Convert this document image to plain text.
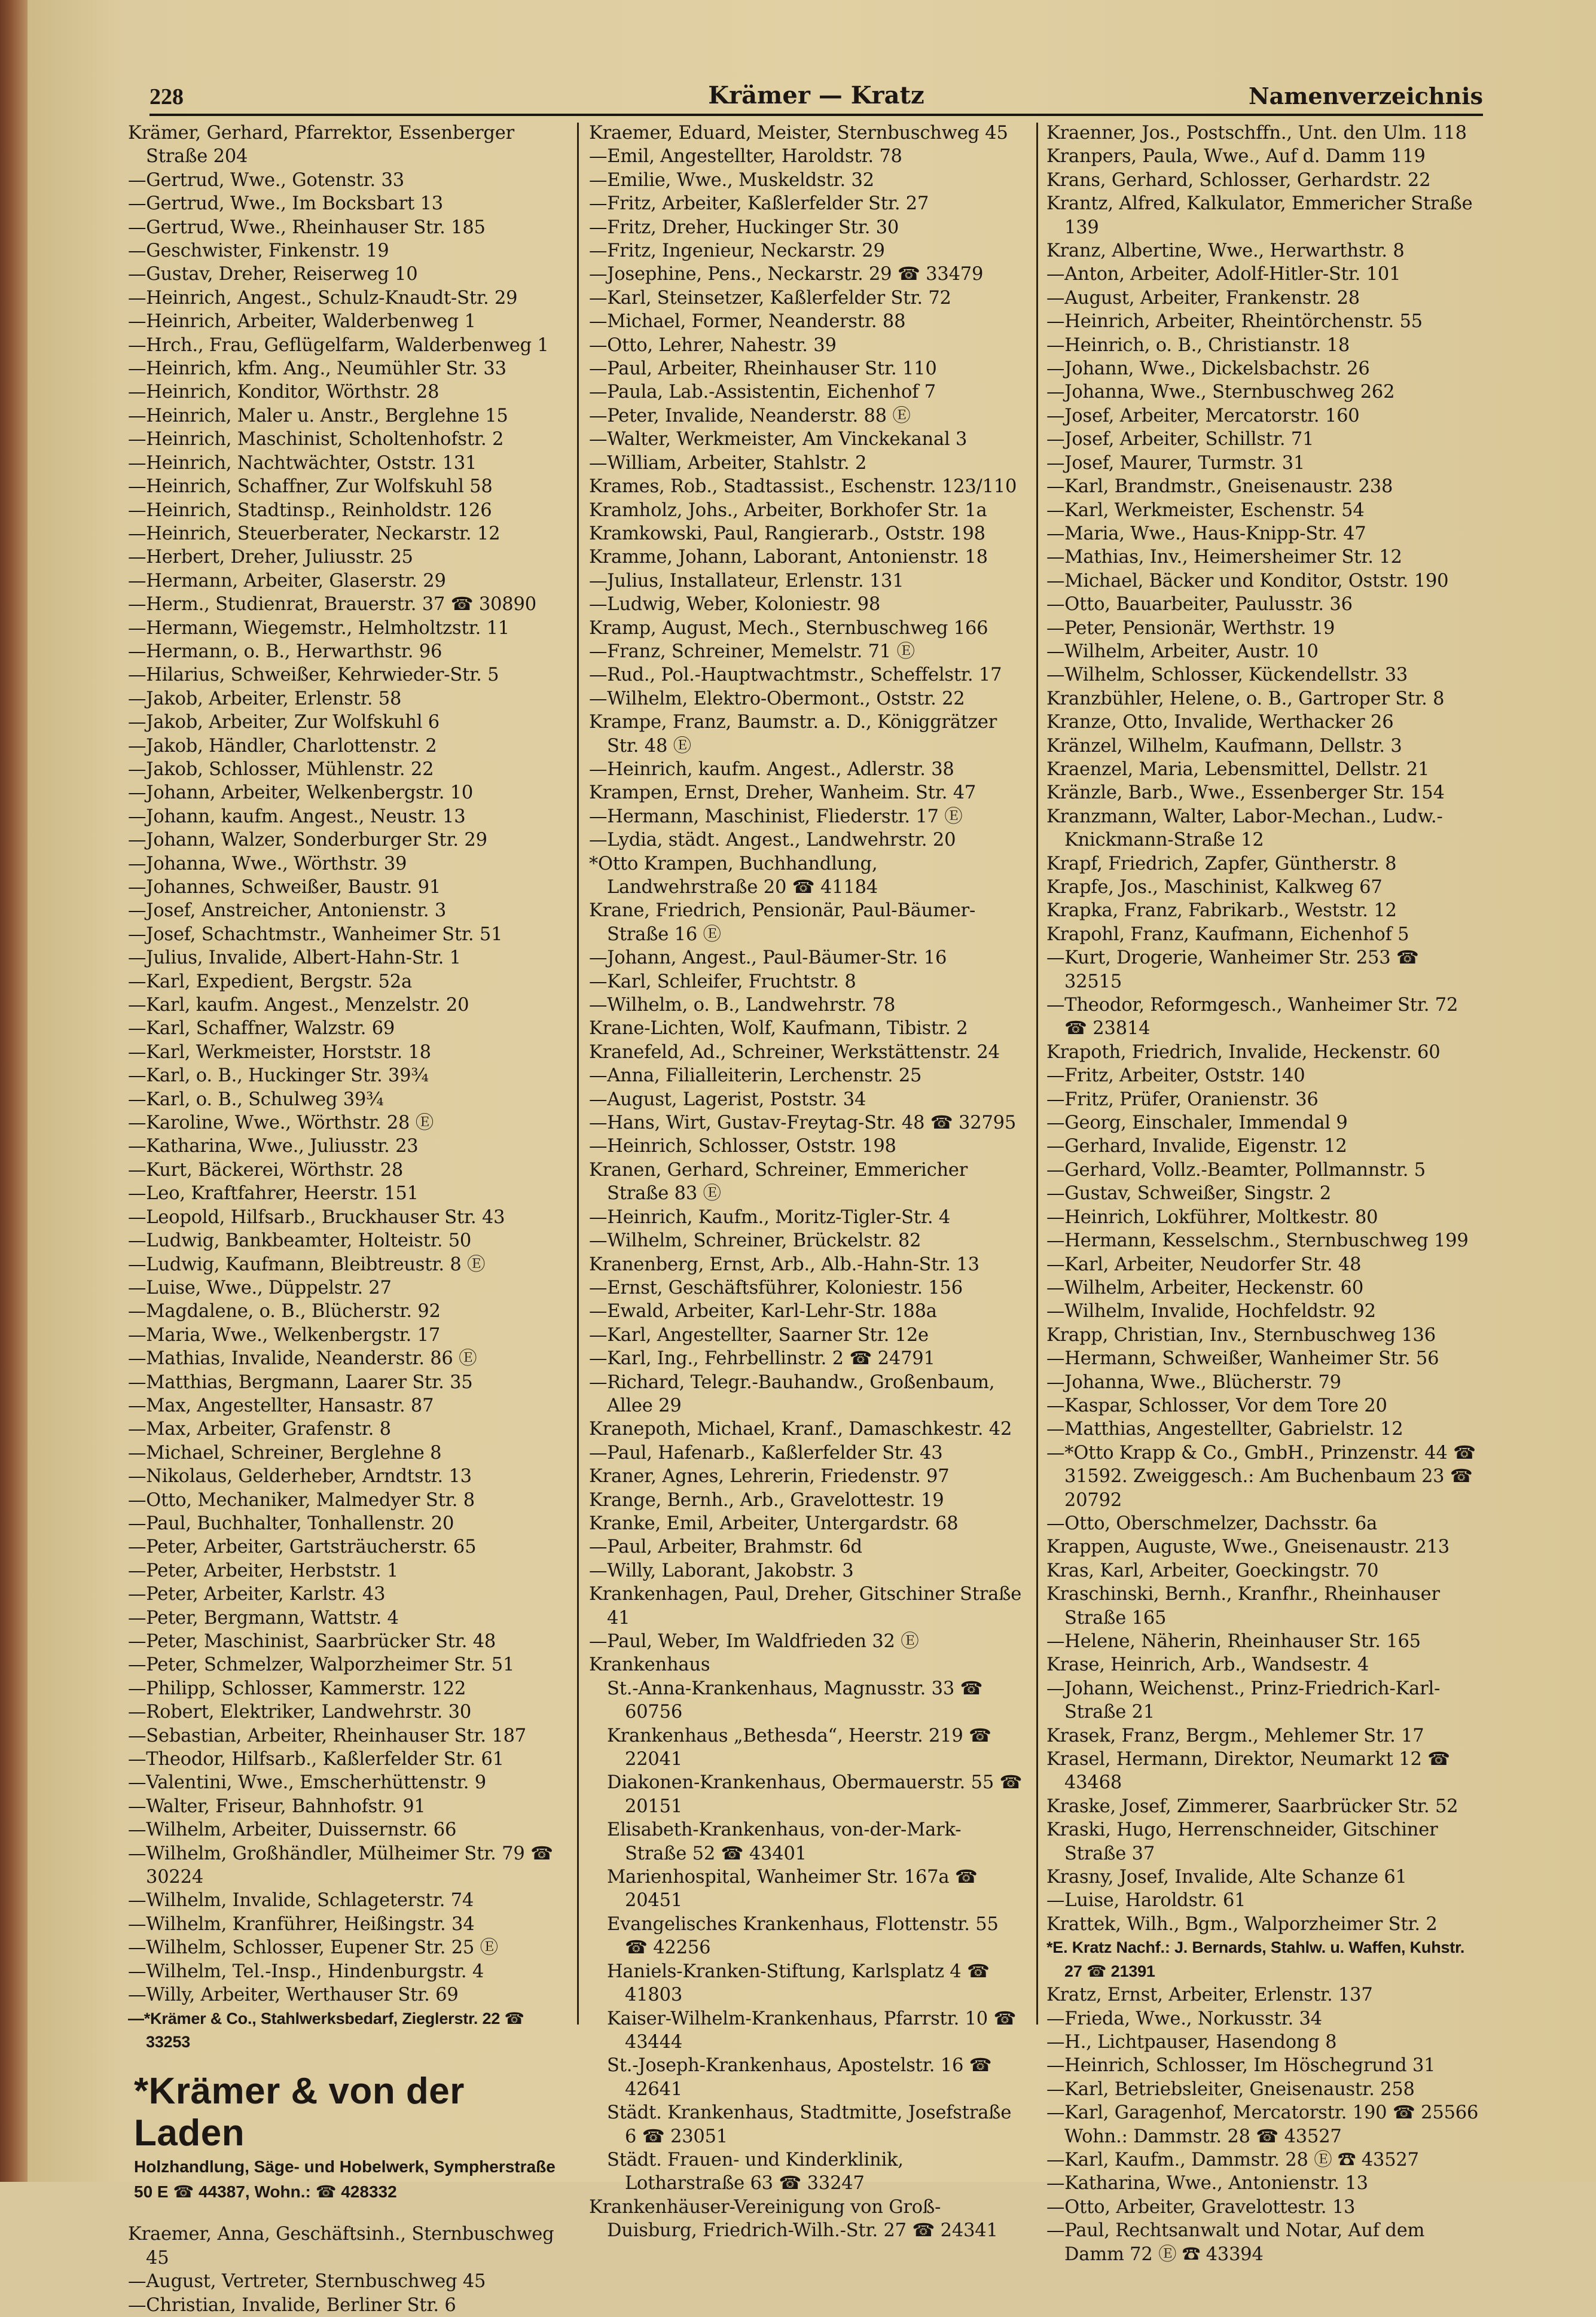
228	Krämer — Kratz	Namenverzeichnis

Krämer, Gerhard, Pfarrektor, Essenberger Straße 204

—Gertrud, Wwe., Gotenstr. 33

—Gertrud, Wwe., Im Bocksbart 13

—Gertrud, Wwe., Rheinhauser Str. 185

—Geschwister, Finkenstr. 19

—Gustav, Dreher, Reiserweg 10

—Heinrich, Angest., Schulz-Knaudt-Str. 29

—Heinrich, Arbeiter, Walderbenweg 1

—Hrch., Frau, Geflügelfarm, Walderbenweg 1

—Heinrich, kfm. Ang., Neumühler Str. 33

—Heinrich, Konditor, Wörthstr. 28

—Heinrich, Maler u. Anstr., Berglehne 15

—Heinrich, Maschinist, Scholtenhofstr. 2

—Heinrich, Nachtwächter, Oststr. 131

—Heinrich, Schaffner, Zur Wolfskuhl 58

—Heinrich, Stadtinsp., Reinholdstr. 126

—Heinrich, Steuerberater, Neckarstr. 12

—Herbert, Dreher, Juliusstr. 25

—Hermann, Arbeiter, Glaserstr. 29

—Herm., Studienrat, Brauerstr. 37 ☎ 30890

—Hermann, Wiegemstr., Helmholtzstr. 11

—Hermann, o. B., Herwarthstr. 96

—Hilarius, Schweißer, Kehrwieder-Str. 5

—Jakob, Arbeiter, Erlenstr. 58

—Jakob, Arbeiter, Zur Wolfskuhl 6

—Jakob, Händler, Charlottenstr. 2

—Jakob, Schlosser, Mühlenstr. 22

—Johann, Arbeiter, Welkenbergstr. 10

—Johann, kaufm. Angest., Neustr. 13

—Johann, Walzer, Sonderburger Str. 29

—Johanna, Wwe., Wörthstr. 39

—Johannes, Schweißer, Baustr. 91

—Josef, Anstreicher, Antonienstr. 3

—Josef, Schachtmstr., Wanheimer Str. 51

—Julius, Invalide, Albert-Hahn-Str. 1

—Karl, Expedient, Bergstr. 52a

—Karl, kaufm. Angest., Menzelstr. 20

—Karl, Schaffner, Walzstr. 69

—Karl, Werkmeister, Horststr. 18

—Karl, o. B., Huckinger Str. 39¾

—Karl, o. B., Schulweg 39¾

—Karoline, Wwe., Wörthstr. 28 Ⓔ

—Katharina, Wwe., Juliusstr. 23

—Kurt, Bäckerei, Wörthstr. 28

—Leo, Kraftfahrer, Heerstr. 151

—Leopold, Hilfsarb., Bruckhauser Str. 43

—Ludwig, Bankbeamter, Holteistr. 50

—Ludwig, Kaufmann, Bleibtreustr. 8 Ⓔ

—Luise, Wwe., Düppelstr. 27

—Magdalene, o. B., Blücherstr. 92

—Maria, Wwe., Welkenbergstr. 17

—Mathias, Invalide, Neanderstr. 86 Ⓔ

—Matthias, Bergmann, Laarer Str. 35

—Max, Angestellter, Hansastr. 87

—Max, Arbeiter, Grafenstr. 8

—Michael, Schreiner, Berglehne 8

—Nikolaus, Gelderheber, Arndtstr. 13

—Otto, Mechaniker, Malmedyer Str. 8

—Paul, Buchhalter, Tonhallenstr. 20

—Peter, Arbeiter, Gartsträucherstr. 65

—Peter, Arbeiter, Herbststr. 1

—Peter, Arbeiter, Karlstr. 43

—Peter, Bergmann, Wattstr. 4

—Peter, Maschinist, Saarbrücker Str. 48

—Peter, Schmelzer, Walporzheimer Str. 51

—Philipp, Schlosser, Kammerstr. 122

—Robert, Elektriker, Landwehrstr. 30

—Sebastian, Arbeiter, Rheinhauser Str. 187

—Theodor, Hilfsarb., Kaßlerfelder Str. 61

—Valentini, Wwe., Emscherhüttenstr. 9

—Walter, Friseur, Bahnhofstr. 91

—Wilhelm, Arbeiter, Duissernstr. 66

—Wilhelm, Großhändler, Mülheimer Str. 79 ☎ 30224

—Wilhelm, Invalide, Schlageterstr. 74

—Wilhelm, Kranführer, Heißingstr. 34

—Wilhelm, Schlosser, Eupener Str. 25 Ⓔ

—Wilhelm, Tel.-Insp., Hindenburgstr. 4

—Willy, Arbeiter, Werthauser Str. 69

—*Krämer & Co., Stahlwerksbedarf, Zieglerstr. 22 ☎ 33253

*Krämer & von der Laden
Holzhandlung, Säge- und Hobelwerk, Sympherstraße 50 E ☎ 44387, Wohn.: ☎ 428332

Kraemer, Anna, Geschäftsinh., Sternbuschweg 45

—August, Vertreter, Sternbuschweg 45

—Christian, Invalide, Berliner Str. 6

Kraemer, Eduard, Meister, Sternbuschweg 45

—Emil, Angestellter, Haroldstr. 78

—Emilie, Wwe., Muskeldstr. 32

—Fritz, Arbeiter, Kaßlerfelder Str. 27

—Fritz, Dreher, Huckinger Str. 30

—Fritz, Ingenieur, Neckarstr. 29

—Josephine, Pens., Neckarstr. 29 ☎ 33479

—Karl, Steinsetzer, Kaßlerfelder Str. 72

—Michael, Former, Neanderstr. 88

—Otto, Lehrer, Nahestr. 39

—Paul, Arbeiter, Rheinhauser Str. 110

—Paula, Lab.-Assistentin, Eichenhof 7

—Peter, Invalide, Neanderstr. 88 Ⓔ

—Walter, Werkmeister, Am Vinckekanal 3

—William, Arbeiter, Stahlstr. 2

Krames, Rob., Stadtassist., Eschenstr. 123/110

Kramholz, Johs., Arbeiter, Borkhofer Str. 1a

Kramkowski, Paul, Rangierarb., Oststr. 198

Kramme, Johann, Laborant, Antonienstr. 18

—Julius, Installateur, Erlenstr. 131

—Ludwig, Weber, Koloniestr. 98

Kramp, August, Mech., Sternbuschweg 166

—Franz, Schreiner, Memelstr. 71 Ⓔ

—Rud., Pol.-Hauptwachtmstr., Scheffelstr. 17

—Wilhelm, Elektro-Obermont., Oststr. 22

Krampe, Franz, Baumstr. a. D., Königgrätzer Str. 48 Ⓔ

—Heinrich, kaufm. Angest., Adlerstr. 38

Krampen, Ernst, Dreher, Wanheim. Str. 47

—Hermann, Maschinist, Fliederstr. 17 Ⓔ

—Lydia, städt. Angest., Landwehrstr. 20

*Otto Krampen, Buchhandlung, Landwehrstraße 20 ☎ 41184

Krane, Friedrich, Pensionär, Paul-Bäumer-Straße 16 Ⓔ

—Johann, Angest., Paul-Bäumer-Str. 16

—Karl, Schleifer, Fruchtstr. 8

—Wilhelm, o. B., Landwehrstr. 78

Krane-Lichten, Wolf, Kaufmann, Tibistr. 2

Kranefeld, Ad., Schreiner, Werkstättenstr. 24

—Anna, Filialleiterin, Lerchenstr. 25

—August, Lagerist, Poststr. 34

—Hans, Wirt, Gustav-Freytag-Str. 48 ☎ 32795

—Heinrich, Schlosser, Oststr. 198

Kranen, Gerhard, Schreiner, Emmericher Straße 83 Ⓔ

—Heinrich, Kaufm., Moritz-Tigler-Str. 4

—Wilhelm, Schreiner, Brückelstr. 82

Kranenberg, Ernst, Arb., Alb.-Hahn-Str. 13

—Ernst, Geschäftsführer, Koloniestr. 156

—Ewald, Arbeiter, Karl-Lehr-Str. 188a

—Karl, Angestellter, Saarner Str. 12e

—Karl, Ing., Fehrbellinstr. 2 ☎ 24791

—Richard, Telegr.-Bauhandw., Großenbaum, Allee 29

Kranepoth, Michael, Kranf., Damaschkestr. 42

—Paul, Hafenarb., Kaßlerfelder Str. 43

Kraner, Agnes, Lehrerin, Friedenstr. 97

Krange, Bernh., Arb., Gravelottestr. 19

Kranke, Emil, Arbeiter, Untergardstr. 68

—Paul, Arbeiter, Brahmstr. 6d

—Willy, Laborant, Jakobstr. 3

Krankenhagen, Paul, Dreher, Gitschiner Straße 41

—Paul, Weber, Im Waldfrieden 32 Ⓔ

Krankenhaus

St.-Anna-Krankenhaus, Magnusstr. 33 ☎ 60756

Krankenhaus „Bethesda“, Heerstr. 219 ☎ 22041

Diakonen-Krankenhaus, Obermauerstr. 55 ☎ 20151

Elisabeth-Krankenhaus, von-der-Mark-Straße 52 ☎ 43401

Marienhospital, Wanheimer Str. 167a ☎ 20451

Evangelisches Krankenhaus, Flottenstr. 55 ☎ 42256

Haniels-Kranken-Stiftung, Karlsplatz 4 ☎ 41803

Kaiser-Wilhelm-Krankenhaus, Pfarrstr. 10 ☎ 43444

St.-Joseph-Krankenhaus, Apostelstr. 16 ☎ 42641

Städt. Krankenhaus, Stadtmitte, Josefstraße 6 ☎ 23051

Städt. Frauen- und Kinderklinik, Lotharstraße 63 ☎ 33247

Krankenhäuser-Vereinigung von Groß-Duisburg, Friedrich-Wilh.-Str. 27 ☎ 24341

Kraenner, Jos., Postschffn., Unt. den Ulm. 118

Kranpers, Paula, Wwe., Auf d. Damm 119

Krans, Gerhard, Schlosser, Gerhardstr. 22

Krantz, Alfred, Kalkulator, Emmericher Straße 139

Kranz, Albertine, Wwe., Herwarthstr. 8

—Anton, Arbeiter, Adolf-Hitler-Str. 101

—August, Arbeiter, Frankenstr. 28

—Heinrich, Arbeiter, Rheintörchenstr. 55

—Heinrich, o. B., Christianstr. 18

—Johann, Wwe., Dickelsbachstr. 26

—Johanna, Wwe., Sternbuschweg 262

—Josef, Arbeiter, Mercatorstr. 160

—Josef, Arbeiter, Schillstr. 71

—Josef, Maurer, Turmstr. 31

—Karl, Brandmstr., Gneisenaustr. 238

—Karl, Werkmeister, Eschenstr. 54

—Maria, Wwe., Haus-Knipp-Str. 47

—Mathias, Inv., Heimersheimer Str. 12

—Michael, Bäcker und Konditor, Oststr. 190

—Otto, Bauarbeiter, Paulusstr. 36

—Peter, Pensionär, Werthstr. 19

—Wilhelm, Arbeiter, Austr. 10

—Wilhelm, Schlosser, Kückendellstr. 33

Kranzbühler, Helene, o. B., Gartroper Str. 8

Kranze, Otto, Invalide, Werthacker 26

Kränzel, Wilhelm, Kaufmann, Dellstr. 3

Kraenzel, Maria, Lebensmittel, Dellstr. 21

Kränzle, Barb., Wwe., Essenberger Str. 154

Kranzmann, Walter, Labor-Mechan., Ludw.-Knickmann-Straße 12

Krapf, Friedrich, Zapfer, Güntherstr. 8

Krapfe, Jos., Maschinist, Kalkweg 67

Krapka, Franz, Fabrikarb., Weststr. 12

Krapohl, Franz, Kaufmann, Eichenhof 5

—Kurt, Drogerie, Wanheimer Str. 253 ☎ 32515

—Theodor, Reformgesch., Wanheimer Str. 72 ☎ 23814

Krapoth, Friedrich, Invalide, Heckenstr. 60

—Fritz, Arbeiter, Oststr. 140

—Fritz, Prüfer, Oranienstr. 36

—Georg, Einschaler, Immendal 9

—Gerhard, Invalide, Eigenstr. 12

—Gerhard, Vollz.-Beamter, Pollmannstr. 5

—Gustav, Schweißer, Singstr. 2

—Heinrich, Lokführer, Moltkestr. 80

—Hermann, Kesselschm., Sternbuschweg 199

—Karl, Arbeiter, Neudorfer Str. 48

—Wilhelm, Arbeiter, Heckenstr. 60

—Wilhelm, Invalide, Hochfeldstr. 92

Krapp, Christian, Inv., Sternbuschweg 136

—Hermann, Schweißer, Wanheimer Str. 56

—Johanna, Wwe., Blücherstr. 79

—Kaspar, Schlosser, Vor dem Tore 20

—Matthias, Angestellter, Gabrielstr. 12

—*Otto Krapp & Co., GmbH., Prinzenstr. 44 ☎ 31592. Zweiggesch.: Am Buchenbaum 23 ☎ 20792

—Otto, Oberschmelzer, Dachsstr. 6a

Krappen, Auguste, Wwe., Gneisenaustr. 213

Kras, Karl, Arbeiter, Goeckingstr. 70

Kraschinski, Bernh., Kranfhr., Rheinhauser Straße 165

—Helene, Näherin, Rheinhauser Str. 165

Krase, Heinrich, Arb., Wandsestr. 4

—Johann, Weichenst., Prinz-Friedrich-Karl-Straße 21

Krasek, Franz, Bergm., Mehlemer Str. 17

Krasel, Hermann, Direktor, Neumarkt 12 ☎ 43468

Kraske, Josef, Zimmerer, Saarbrücker Str. 52

Kraski, Hugo, Herrenschneider, Gitschiner Straße 37

Krasny, Josef, Invalide, Alte Schanze 61

—Luise, Haroldstr. 61

Krattek, Wilh., Bgm., Walporzheimer Str. 2

*E. Kratz Nachf.: J. Bernards, Stahlw. u. Waffen, Kuhstr. 27 ☎ 21391

Kratz, Ernst, Arbeiter, Erlenstr. 137

—Frieda, Wwe., Norkusstr. 34

—H., Lichtpauser, Hasendong 8

—Heinrich, Schlosser, Im Höschegrund 31

—Karl, Betriebsleiter, Gneisenaustr. 258

—Karl, Garagenhof, Mercatorstr. 190 ☎ 25566 Wohn.: Dammstr. 28 ☎ 43527

—Karl, Kaufm., Dammstr. 28 Ⓔ ☎ 43527

—Katharina, Wwe., Antonienstr. 13

—Otto, Arbeiter, Gravelottestr. 13

—Paul, Rechtsanwalt und Notar, Auf dem Damm 72 Ⓔ ☎ 43394
